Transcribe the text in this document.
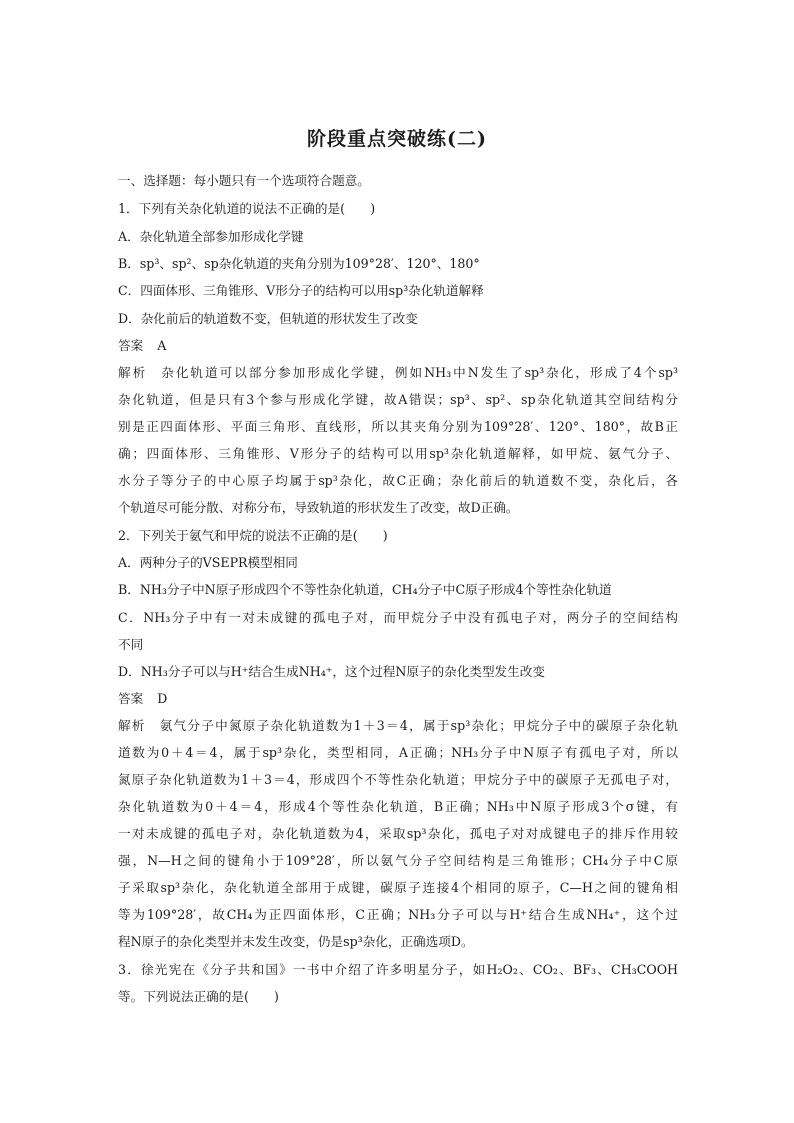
阶段重点突破练(二)
一、选择题：每小题只有一个选项符合题意。
1．下列有关杂化轨道的说法不正确的是(　　)
A．杂化轨道全部参加形成化学键
B．sp³、sp²、sp杂化轨道的夹角分别为109°28′、120°、180°
C．四面体形、三角锥形、V形分子的结构可以用sp³杂化轨道解释
D．杂化前后的轨道数不变，但轨道的形状发生了改变
答案 A
解析 杂化轨道可以部分参加形成化学键，例如NH₃中N发生了sp³杂化，形成了4个sp³
杂化轨道，但是只有3个参与形成化学键，故A错误；sp³、sp²、sp杂化轨道其空间结构分
别是正四面体形、平面三角形、直线形，所以其夹角分别为109°28′、120°、180°，故B正
确；四面体形、三角锥形、V形分子的结构可以用sp³杂化轨道解释，如甲烷、氨气分子、
水分子等分子的中心原子均属于sp³杂化，故C正确；杂化前后的轨道数不变，杂化后，各
个轨道尽可能分散、对称分布，导致轨道的形状发生了改变，故D正确。
2．下列关于氨气和甲烷的说法不正确的是(　　)
A．两种分子的VSEPR模型相同
B．NH₃分子中N原子形成四个不等性杂化轨道，CH₄分子中C原子形成4个等性杂化轨道
C．NH₃分子中有一对未成键的孤电子对，而甲烷分子中没有孤电子对，两分子的空间结构
不同
D．NH₃分子可以与H⁺结合生成NH₄⁺，这个过程N原子的杂化类型发生改变
答案 D
解析 氨气分子中氮原子杂化轨道数为1＋3＝4，属于sp³杂化；甲烷分子中的碳原子杂化轨
道数为0＋4＝4，属于sp³杂化，类型相同，A正确；NH₃分子中N原子有孤电子对，所以
氮原子杂化轨道数为1＋3＝4，形成四个不等性杂化轨道；甲烷分子中的碳原子无孤电子对，
杂化轨道数为0＋4＝4，形成4个等性杂化轨道，B正确；NH₃中N原子形成3个σ键，有
一对未成键的孤电子对，杂化轨道数为4，采取sp³杂化，孤电子对对成键电子的排斥作用较
强，N—H之间的键角小于109°28′，所以氨气分子空间结构是三角锥形；CH₄分子中C原
子采取sp³杂化，杂化轨道全部用于成键，碳原子连接4个相同的原子，C—H之间的键角相
等为109°28′，故CH₄为正四面体形，C正确；NH₃分子可以与H⁺结合生成NH₄⁺，这个过
程N原子的杂化类型并未发生改变，仍是sp³杂化，正确选项D。
3．徐光宪在《分子共和国》一书中介绍了许多明星分子，如H₂O₂、CO₂、BF₃、CH₃COOH
等。下列说法正确的是(　　)
